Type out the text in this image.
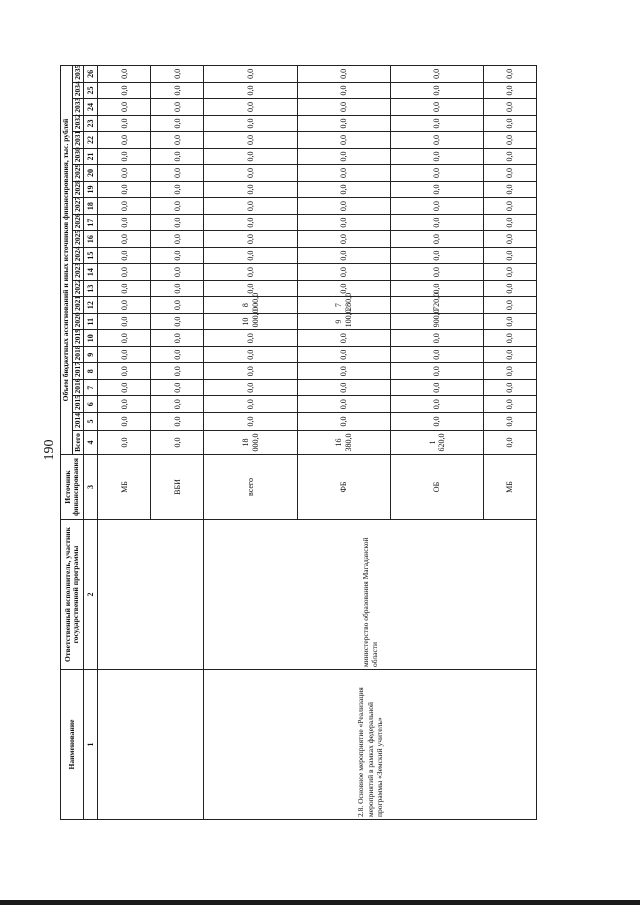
190
Наименование	Ответственный исполнитель, участник государственной программы	Источник финансирования	Объем бюджетных ассигнований и иных источников финансирования, тыс. рублей																						
			Всего	2014	2015	2016	2017	2018	2019	2020	2021	2022	2023	2024	2025	2026	2027	2028	2029	2030	2031	2032	2033	2034	2035
1	2	3	4	5	6	7	8	9	10	11	12	13	14	15	16	17	18	19	20	21	22	23	24	25	26
		МБ	0,0	0,0	0,0	0,0	0,0	0,0	0,0	0,0	0,0	0,0	0,0	0,0	0,0	0,0	0,0	0,0	0,0	0,0	0,0	0,0	0,0	0,0	0,0
		ВБИ	0,0	0,0	0,0	0,0	0,0	0,0	0,0	0,0	0,0	0,0	0,0	0,0	0,0	0,0	0,0	0,0	0,0	0,0	0,0	0,0	0,0	0,0	0,0
2.8. Основное мероприятие «Реализация мероприятий в рамках федеральной программы «Земский учитель»	министерство образования Магаданской области	всего	18 000,0	0,0	0,0	0,0	0,0	0,0	0,0	10 000,0	8 000,0	0,0	0,0	0,0	0,0	0,0	0,0	0,0	0,0	0,0	0,0	0,0	0,0	0,0	0,0
		ФБ	16 380,0	0,0	0,0	0,0	0,0	0,0	0,0	9 100,0	7 280,0	0,0	0,0	0,0	0,0	0,0	0,0	0,0	0,0	0,0	0,0	0,0	0,0	0,0	0,0
		ОБ	1 620,0	0,0	0,0	0,0	0,0	0,0	0,0	900,0	720,0	0,0	0,0	0,0	0,0	0,0	0,0	0,0	0,0	0,0	0,0	0,0	0,0	0,0	0,0
		МБ	0,0	0,0	0,0	0,0	0,0	0,0	0,0	0,0	0,0	0,0	0,0	0,0	0,0	0,0	0,0	0,0	0,0	0,0	0,0	0,0	0,0	0,0	0,0
